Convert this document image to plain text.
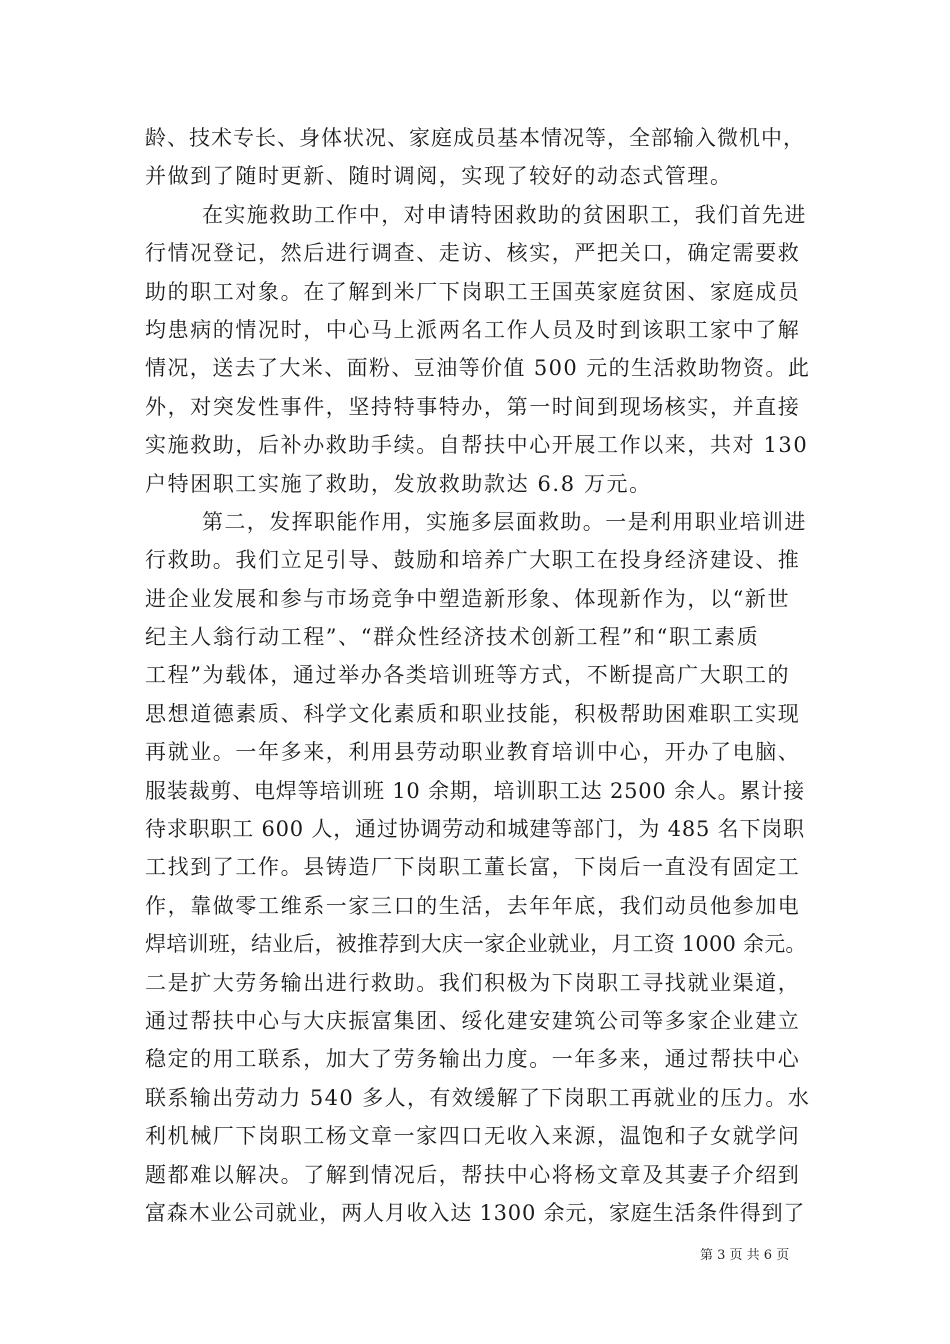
龄、技术专长、身体状况、家庭成员基本情况等，全部输入微机中，
并做到了随时更新、随时调阅，实现了较好的动态式管理。
在实施救助工作中，对申请特困救助的贫困职工，我们首先进
行情况登记，然后进行调查、走访、核实，严把关口，确定需要救
助的职工对象。在了解到米厂下岗职工王国英家庭贫困、家庭成员
均患病的情况时，中心马上派两名工作人员及时到该职工家中了解
情况，送去了大米、面粉、豆油等价值 500 元的生活救助物资。此
外，对突发性事件，坚持特事特办，第一时间到现场核实，并直接
实施救助，后补办救助手续。自帮扶中心开展工作以来，共对 130
户特困职工实施了救助，发放救助款达 6.8 万元。
第二，发挥职能作用，实施多层面救助。一是利用职业培训进
行救助。我们立足引导、鼓励和培养广大职工在投身经济建设、推
进企业发展和参与市场竞争中塑造新形象、体现新作为，以“新世
纪主人翁行动工程”、“群众性经济技术创新工程”和“职工素质
工程”为载体，通过举办各类培训班等方式，不断提高广大职工的
思想道德素质、科学文化素质和职业技能，积极帮助困难职工实现
再就业。一年多来，利用县劳动职业教育培训中心，开办了电脑、
服装裁剪、电焊等培训班 10 余期，培训职工达 2500 余人。累计接
待求职职工 600 人，通过协调劳动和城建等部门，为 485 名下岗职
工找到了工作。县铸造厂下岗职工董长富，下岗后一直没有固定工
作，靠做零工维系一家三口的生活，去年年底，我们动员他参加电
焊培训班，结业后，被推荐到大庆一家企业就业，月工资 1000 余元。
二是扩大劳务输出进行救助。我们积极为下岗职工寻找就业渠道，
通过帮扶中心与大庆振富集团、绥化建安建筑公司等多家企业建立
稳定的用工联系，加大了劳务输出力度。一年多来，通过帮扶中心
联系输出劳动力 540 多人，有效缓解了下岗职工再就业的压力。水
利机械厂下岗职工杨文章一家四口无收入来源，温饱和子女就学问
题都难以解决。了解到情况后，帮扶中心将杨文章及其妻子介绍到
富森木业公司就业，两人月收入达 1300 余元，家庭生活条件得到了
第 3 页 共 6 页
